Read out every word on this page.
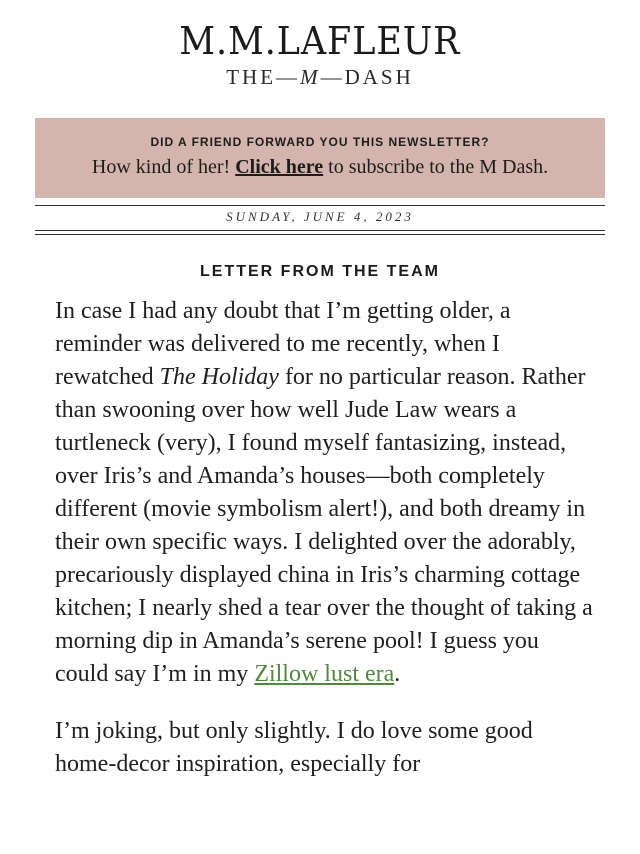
M.M.LAFLEUR
THE—M—DASH
DID A FRIEND FORWARD YOU THIS NEWSLETTER?
How kind of her! Click here to subscribe to the M Dash.
SUNDAY, JUNE 4, 2023
LETTER FROM THE TEAM

In case I had any doubt that I’m getting older, a reminder was delivered to me recently, when I rewatched The Holiday for no particular reason. Rather than swooning over how well Jude Law wears a turtleneck (very), I found myself fantasizing, instead, over Iris’s and Amanda’s houses—both completely different (movie symbolism alert!), and both dreamy in their own specific ways. I delighted over the adorably, precariously displayed china in Iris’s charming cottage kitchen; I nearly shed a tear over the thought of taking a morning dip in Amanda’s serene pool! I guess you could say I’m in my Zillow lust era.

I’m joking, but only slightly. I do love some good home-decor inspiration, especially for
